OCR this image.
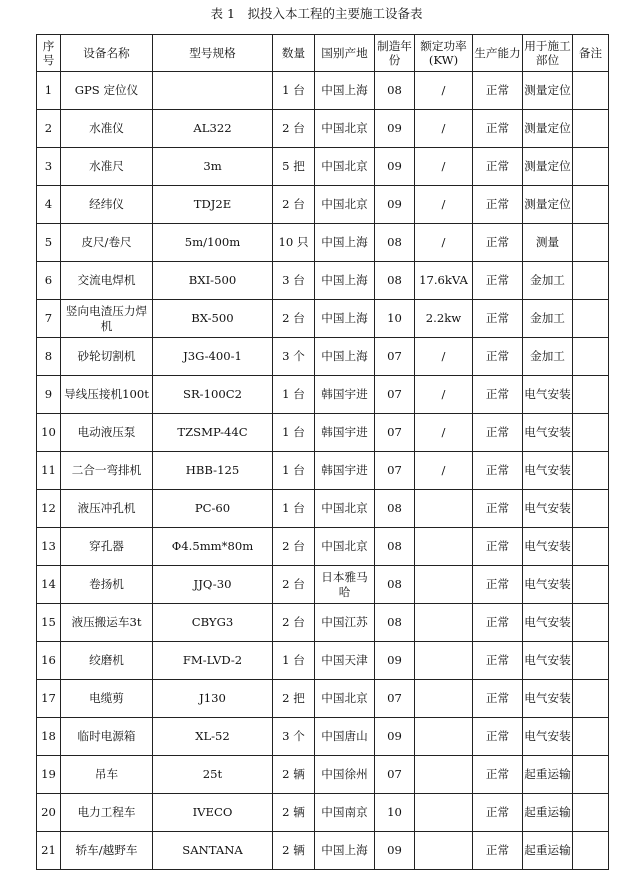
表 1　拟投入本工程的主要施工设备表
序号	设备名称	型号规格	数量	国别产地	制造年份	额定功率(KW)	生产能力	用于施工部位	备注
1	GPS 定位仪		1 台	中国上海	08	/	正常	测量定位	
2	水准仪	AL322	2 台	中国北京	09	/	正常	测量定位	
3	水准尺	3m	5 把	中国北京	09	/	正常	测量定位	
4	经纬仪	TDJ2E	2 台	中国北京	09	/	正常	测量定位	
5	皮尺/卷尺	5m/100m	10 只	中国上海	08	/	正常	测量	
6	交流电焊机	BXI-500	3 台	中国上海	08	17.6kVA	正常	金加工	
7	竖向电渣压力焊机	BX-500	2 台	中国上海	10	2.2kw	正常	金加工	
8	砂轮切割机	J3G-400-1	3 个	中国上海	07	/	正常	金加工	
9	导线压接机100t	SR-100C2	1 台	韩国宇进	07	/	正常	电气安装	
10	电动液压泵	TZSMP-44C	1 台	韩国宇进	07	/	正常	电气安装	
11	二合一弯排机	HBB-125	1 台	韩国宇进	07	/	正常	电气安装	
12	液压冲孔机	PC-60	1 台	中国北京	08		正常	电气安装	
13	穿孔器	Φ4.5mm*80m	2 台	中国北京	08		正常	电气安装	
14	卷扬机	JJQ-30	2 台	日本雅马哈	08		正常	电气安装	
15	液压搬运车3t	CBYG3	2 台	中国江苏	08		正常	电气安装	
16	绞磨机	FM-LVD-2	1 台	中国天津	09		正常	电气安装	
17	电缆剪	J130	2 把	中国北京	07		正常	电气安装	
18	临时电源箱	XL-52	3 个	中国唐山	09		正常	电气安装	
19	吊车	25t	2 辆	中国徐州	07		正常	起重运输	
20	电力工程车	IVECO	2 辆	中国南京	10		正常	起重运输	
21	轿车/越野车	SANTANA	2 辆	中国上海	09		正常	起重运输	
